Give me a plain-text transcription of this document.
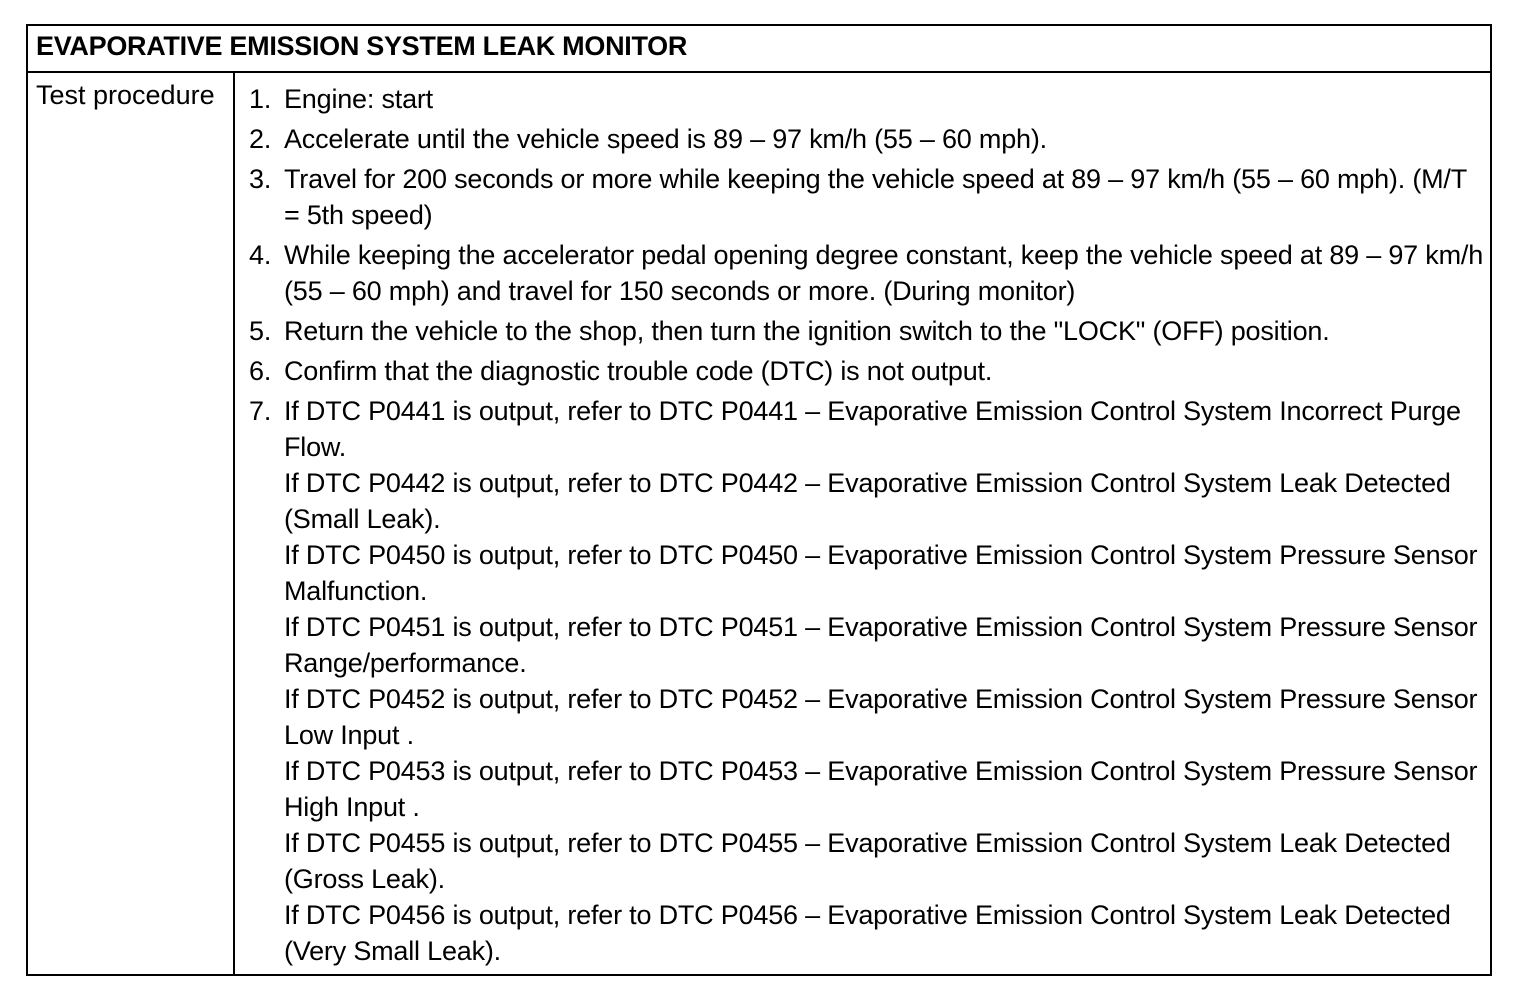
EVAPORATIVE EMISSION SYSTEM LEAK MONITOR
Test procedure	1. Engine: start
2. Accelerate until the vehicle speed is 89 – 97 km/h (55 – 60 mph).
3. Travel for 200 seconds or more while keeping the vehicle speed at 89 – 97 km/h (55 – 60 mph). (M/T = 5th speed)
4. While keeping the accelerator pedal opening degree constant, keep the vehicle speed at 89 – 97 km/h (55 – 60 mph) and travel for 150 seconds or more. (During monitor)
5. Return the vehicle to the shop, then turn the ignition switch to the "LOCK" (OFF) position.
6. Confirm that the diagnostic trouble code (DTC) is not output.
7. If DTC P0441 is output, refer to DTC P0441 – Evaporative Emission Control System Incorrect Purge Flow.
If DTC P0442 is output, refer to DTC P0442 – Evaporative Emission Control System Leak Detected (Small Leak).
If DTC P0450 is output, refer to DTC P0450 – Evaporative Emission Control System Pressure Sensor Malfunction.
If DTC P0451 is output, refer to DTC P0451 – Evaporative Emission Control System Pressure Sensor Range/performance.
If DTC P0452 is output, refer to DTC P0452 – Evaporative Emission Control System Pressure Sensor Low Input .
If DTC P0453 is output, refer to DTC P0453 – Evaporative Emission Control System Pressure Sensor High Input .
If DTC P0455 is output, refer to DTC P0455 – Evaporative Emission Control System Leak Detected (Gross Leak).
If DTC P0456 is output, refer to DTC P0456 – Evaporative Emission Control System Leak Detected (Very Small Leak).
